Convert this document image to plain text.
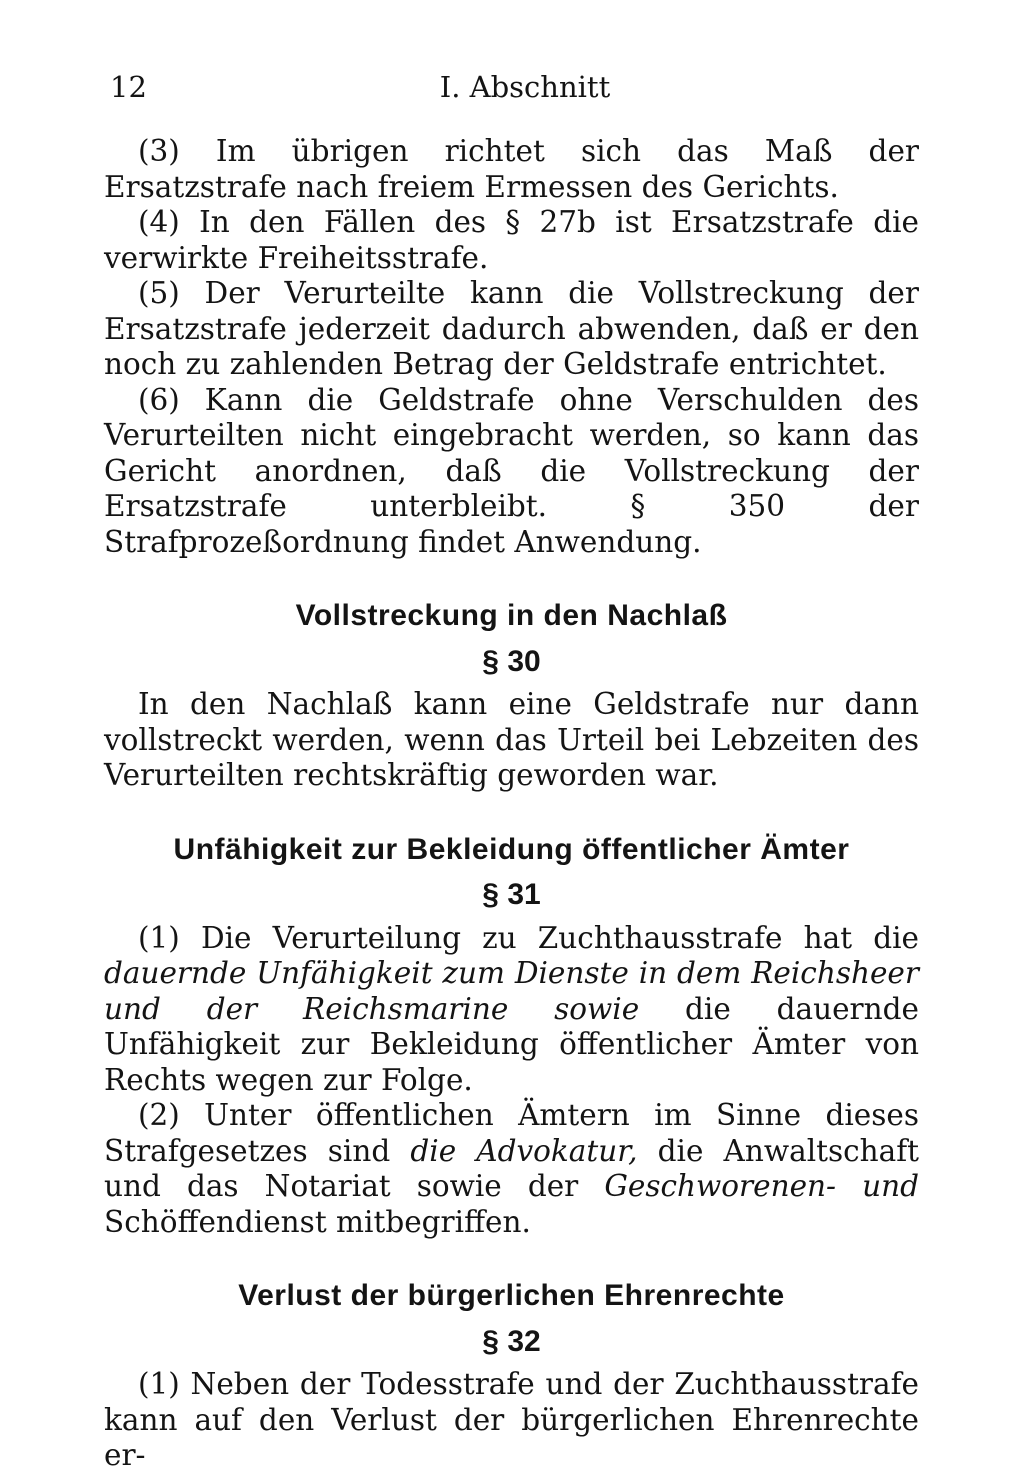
12	I. Abschnitt

(3) Im übrigen richtet sich das Maß der Ersatzstrafe nach freiem Ermessen des Gerichts.

(4) In den Fällen des § 27b ist Ersatzstrafe die verwirkte Freiheitsstrafe.

(5) Der Verurteilte kann die Vollstreckung der Ersatzstrafe jederzeit dadurch abwenden, daß er den noch zu zahlenden Betrag der Geldstrafe entrichtet.

(6) Kann die Geldstrafe ohne Verschulden des Verurteilten nicht eingebracht werden, so kann das Gericht anordnen, daß die Vollstreckung der Ersatzstrafe unterbleibt. § 350 der Strafprozeßordnung findet Anwendung.

Vollstreckung in den Nachlaß
§ 30

In den Nachlaß kann eine Geldstrafe nur dann vollstreckt werden, wenn das Urteil bei Lebzeiten des Verurteilten rechtskräftig geworden war.

Unfähigkeit zur Bekleidung öffentlicher Ämter
§ 31

(1) Die Verurteilung zu Zuchthausstrafe hat die dauernde Unfähigkeit zum Dienste in dem Reichsheer und der Reichsmarine sowie die dauernde Unfähigkeit zur Bekleidung öffentlicher Ämter von Rechts wegen zur Folge.

(2) Unter öffentlichen Ämtern im Sinne dieses Strafgesetzes sind die Advokatur, die Anwaltschaft und das Notariat sowie der Geschworenen- und Schöffendienst mitbegriffen.

Verlust der bürgerlichen Ehrenrechte
§ 32

(1) Neben der Todesstrafe und der Zuchthausstrafe kann auf den Verlust der bürgerlichen Ehrenrechte er-
